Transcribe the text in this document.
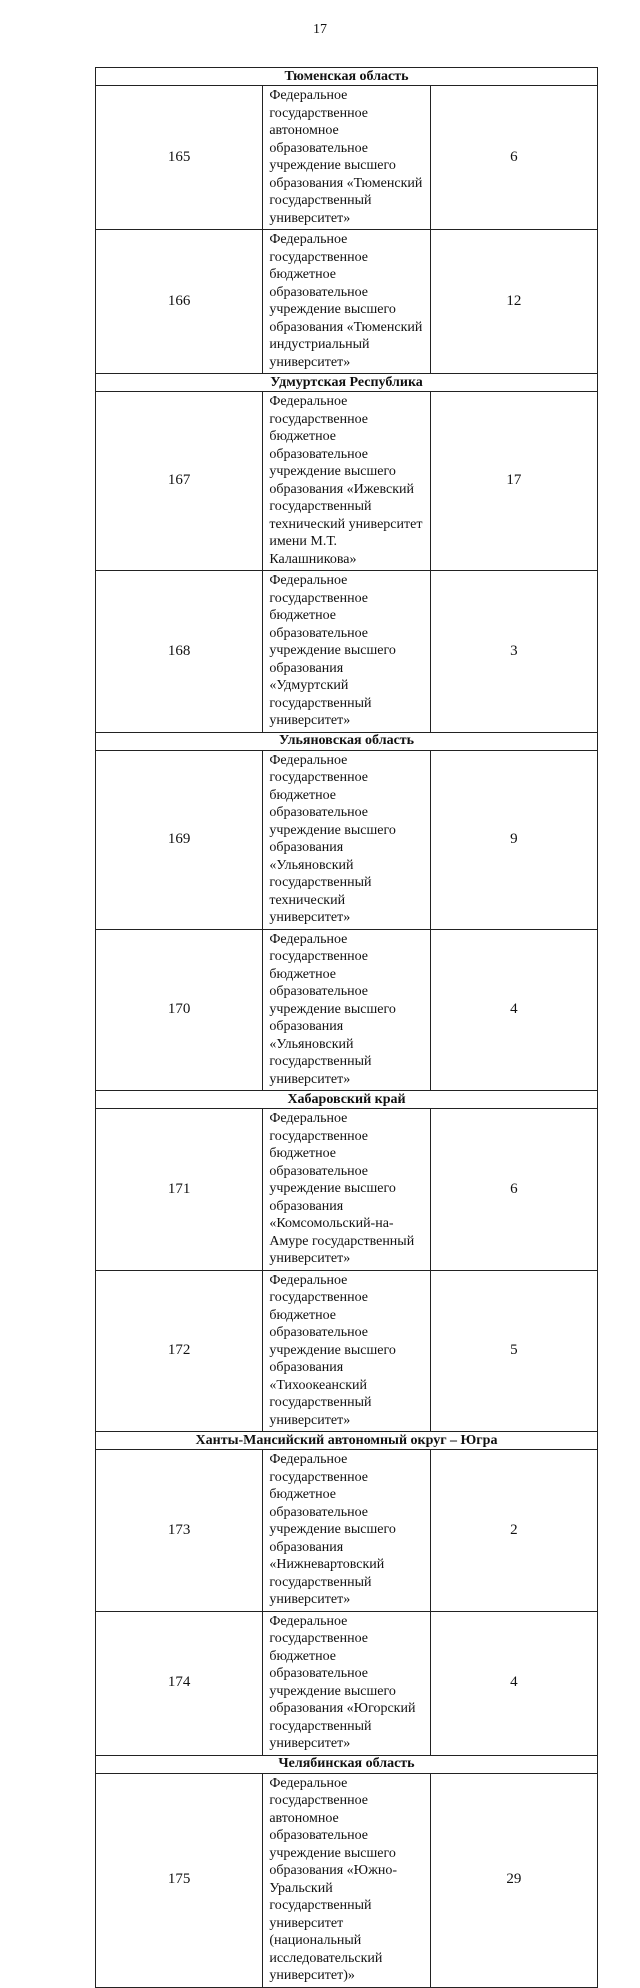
17
Тюменская область		
165	Федеральное государственное автономное образовательное
учреждение высшего образования «Тюменский
государственный университет»	6
166	Федеральное государственное бюджетное образовательное
учреждение высшего образования «Тюменский
индустриальный университет»	12
Удмуртская Республика		
167	Федеральное государственное бюджетное образовательное
учреждение высшего образования «Ижевский
государственный технический университет
имени М.Т. Калашникова»	17
168	Федеральное государственное бюджетное образовательное
учреждение высшего образования «Удмуртский
государственный университет»	3
Ульяновская область		
169	Федеральное государственное бюджетное образовательное
учреждение высшего образования «Ульяновский
государственный технический университет»	9
170	Федеральное государственное бюджетное образовательное
учреждение высшего образования «Ульяновский
государственный университет»	4
Хабаровский край		
171	Федеральное государственное бюджетное образовательное
учреждение высшего образования «Комсомольский-на-
Амуре государственный университет»	6
172	Федеральное государственное бюджетное образовательное
учреждение высшего образования «Тихоокеанский
государственный университет»	5
Ханты-Мансийский автономный округ – Югра		
173	Федеральное государственное бюджетное образовательное
учреждение высшего образования «Нижневартовский
государственный университет»	2
174	Федеральное государственное бюджетное образовательное
учреждение высшего образования «Югорский
государственный университет»	4
Челябинская область		
175	Федеральное государственное автономное образовательное
учреждение высшего образования «Южно-Уральский
государственный университет (национальный
исследовательский университет)»	29
